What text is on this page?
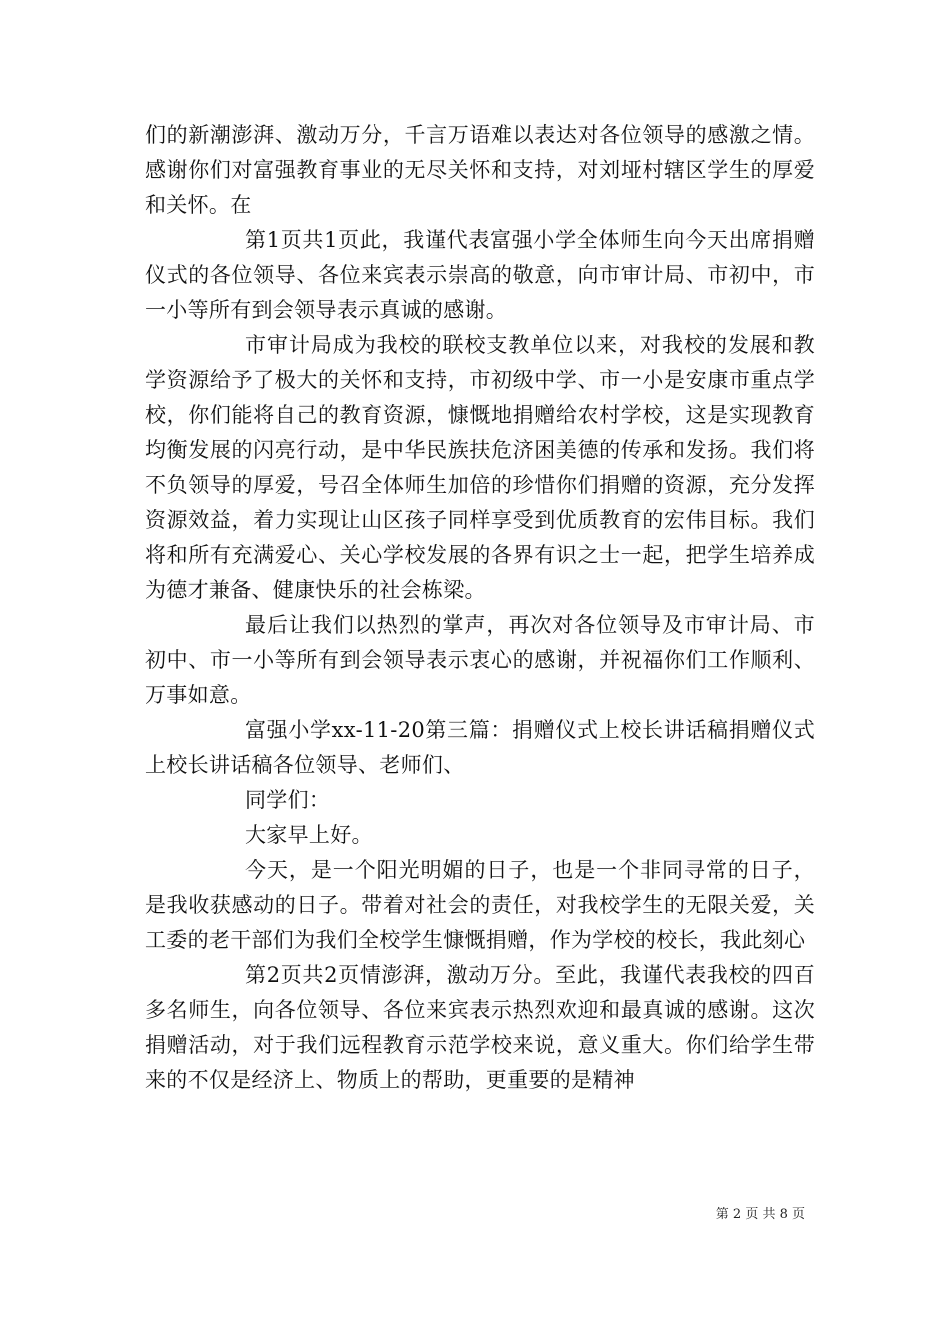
们的新潮澎湃、激动万分，千言万语难以表达对各位领导的感激之情。感谢你们对富强教育事业的无尽关怀和支持，对刘垭村辖区学生的厚爱和关怀。在

第1页共1页此，我谨代表富强小学全体师生向今天出席捐赠仪式的各位领导、各位来宾表示崇高的敬意，向市审计局、市初中，市一小等所有到会领导表示真诚的感谢。

市审计局成为我校的联校支教单位以来，对我校的发展和教学资源给予了极大的关怀和支持，市初级中学、市一小是安康市重点学校，你们能将自己的教育资源，慷慨地捐赠给农村学校，这是实现教育均衡发展的闪亮行动，是中华民族扶危济困美德的传承和发扬。我们将不负领导的厚爱，号召全体师生加倍的珍惜你们捐赠的资源，充分发挥资源效益，着力实现让山区孩子同样享受到优质教育的宏伟目标。我们将和所有充满爱心、关心学校发展的各界有识之士一起，把学生培养成为德才兼备、健康快乐的社会栋梁。

最后让我们以热烈的掌声，再次对各位领导及市审计局、市初中、市一小等所有到会领导表示衷心的感谢，并祝福你们工作顺利、万事如意。

富强小学xx-11-20第三篇：捐赠仪式上校长讲话稿捐赠仪式上校长讲话稿各位领导、老师们、

同学们：

大家早上好。

今天，是一个阳光明媚的日子，也是一个非同寻常的日子，是我收获感动的日子。带着对社会的责任，对我校学生的无限关爱，关工委的老干部们为我们全校学生慷慨捐赠，作为学校的校长，我此刻心

第2页共2页情澎湃，激动万分。至此，我谨代表我校的四百多名师生，向各位领导、各位来宾表示热烈欢迎和最真诚的感谢。这次捐赠活动，对于我们远程教育示范学校来说，意义重大。你们给学生带来的不仅是经济上、物质上的帮助，更重要的是精神

第 2 页 共 8 页
